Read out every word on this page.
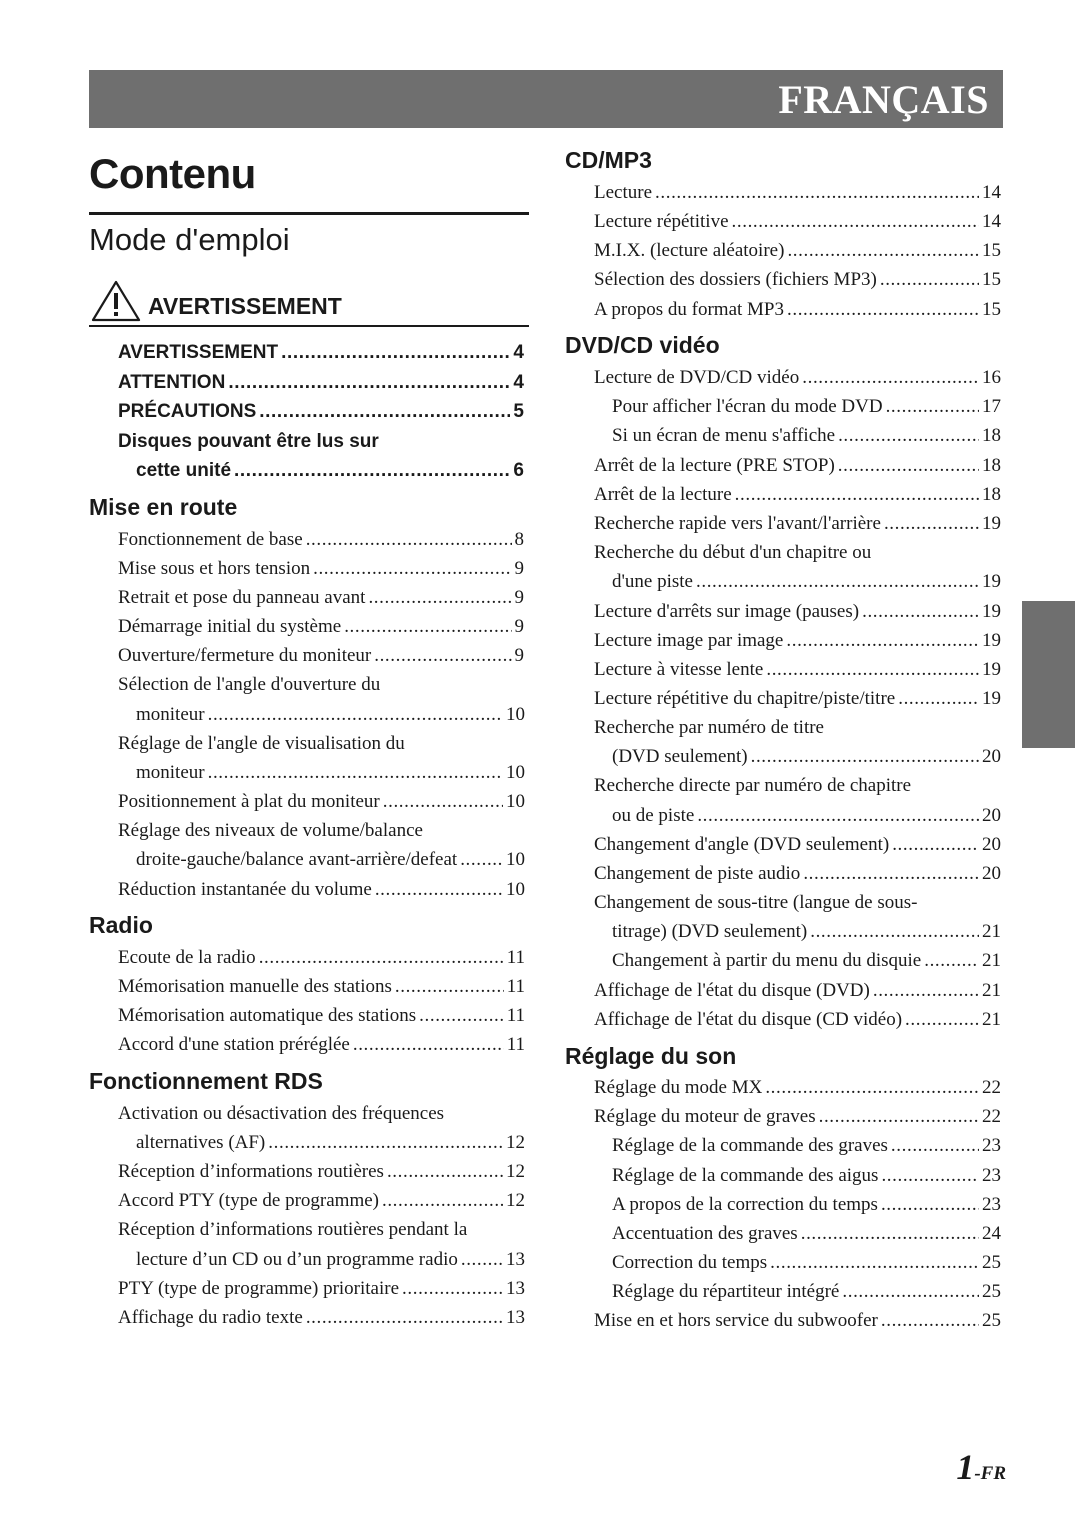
FRANÇAIS
Contenu
Mode d'emploi
AVERTISSEMENT
AVERTISSEMENT .....	4
ATTENTION .....	4
PRÉCAUTIONS .....	5
Disques pouvant être lus sur
cette unité .....	6
Mise en route
Fonctionnement de base .....	8
Mise sous et hors tension .....	9
Retrait et pose du panneau avant .....	9
Démarrage initial du système .....	9
Ouverture/fermeture du moniteur .....	9
Sélection de l'angle d'ouverture du
moniteur .....	10
Réglage de l'angle de visualisation du
moniteur .....	10
Positionnement à plat du moniteur .....	10
Réglage des niveaux de volume/balance
droite-gauche/balance avant-arrière/defeat .....	10
Réduction instantanée du volume .....	10
Radio
Ecoute de la radio .....	11
Mémorisation manuelle des stations .....	11
Mémorisation automatique des stations .....	11
Accord d'une station préréglée .....	11
Fonctionnement RDS
Activation ou désactivation des fréquences
alternatives (AF) .....	12
Réception d’informations routières .....	12
Accord PTY (type de programme) .....	12
Réception d’informations routières pendant la
lecture d’un CD ou d’un programme radio .....	13
PTY (type de programme) prioritaire .....	13
Affichage du radio texte .....	13
CD/MP3
Lecture .....	14
Lecture répétitive .....	14
M.I.X. (lecture aléatoire) .....	15
Sélection des dossiers (fichiers MP3) .....	15
A propos du format MP3 .....	15
DVD/CD vidéo
Lecture de DVD/CD vidéo .....	16
Pour afficher l'écran du mode DVD .....	17
Si un écran de menu s'affiche .....	18
Arrêt de la lecture (PRE STOP) .....	18
Arrêt de la lecture .....	18
Recherche rapide vers l'avant/l'arrière .....	19
Recherche du début d'un chapitre ou
d'une piste .....	19
Lecture d'arrêts sur image (pauses) .....	19
Lecture image par image .....	19
Lecture à vitesse lente .....	19
Lecture répétitive du chapitre/piste/titre .....	19
Recherche par numéro de titre
(DVD seulement) .....	20
Recherche directe par numéro de chapitre
ou de piste .....	20
Changement d'angle (DVD seulement) .....	20
Changement de piste audio .....	20
Changement de sous-titre (langue de sous-
titrage) (DVD seulement) .....	21
Changement à partir du menu du disquie .....	21
Affichage de l'état du disque (DVD) .....	21
Affichage de l'état du disque (CD vidéo) .....	21
Réglage du son
Réglage du mode MX .....	22
Réglage du moteur de graves .....	22
Réglage de la commande des graves .....	23
Réglage de la commande des aigus .....	23
A propos de la correction du temps .....	23
Accentuation des graves .....	24
Correction du temps .....	25
Réglage du répartiteur intégré .....	25
Mise en et hors service du subwoofer .....	25
1-FR
